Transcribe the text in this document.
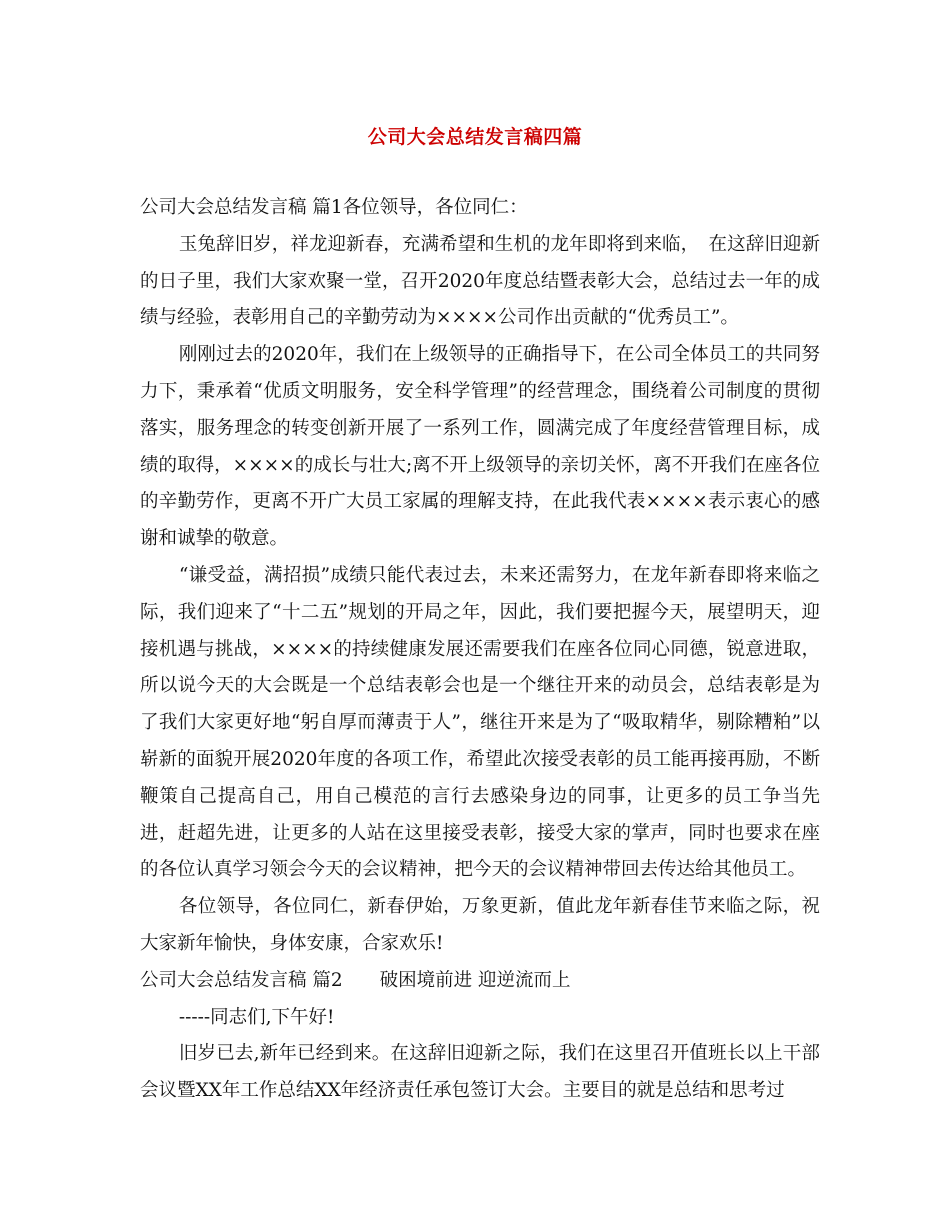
公司大会总结发言稿四篇

公司大会总结发言稿 篇1各位领导，各位同仁：

玉兔辞旧岁，祥龙迎新春，充满希望和生机的龙年即将到来临，　在这辞旧迎新的日子里，我们大家欢聚一堂，召开2020年度总结暨表彰大会，总结过去一年的成绩与经验，表彰用自己的辛勤劳动为××××公司作出贡献的“优秀员工”。

刚刚过去的2020年，我们在上级领导的正确指导下，在公司全体员工的共同努力下，秉承着“优质文明服务，安全科学管理”的经营理念，围绕着公司制度的贯彻落实，服务理念的转变创新开展了一系列工作，圆满完成了年度经营管理目标，成绩的取得，××××的成长与壮大;离不开上级领导的亲切关怀，离不开我们在座各位的辛勤劳作，更离不开广大员工家属的理解支持，在此我代表××××表示衷心的感谢和诚挚的敬意。

“谦受益，满招损”成绩只能代表过去，未来还需努力，在龙年新春即将来临之际，我们迎来了“十二五”规划的开局之年，因此，我们要把握今天，展望明天，迎接机遇与挑战，××××的持续健康发展还需要我们在座各位同心同德，锐意进取，所以说今天的大会既是一个总结表彰会也是一个继往开来的动员会，总结表彰是为了我们大家更好地“躬自厚而薄责于人”，继往开来是为了“吸取精华，剔除糟粕”以崭新的面貌开展2020年度的各项工作，希望此次接受表彰的员工能再接再励，不断鞭策自己提高自己，用自己模范的言行去感染身边的同事，让更多的员工争当先进，赶超先进，让更多的人站在这里接受表彰，接受大家的掌声，同时也要求在座的各位认真学习领会今天的会议精神，把今天的会议精神带回去传达给其他员工。

各位领导，各位同仁，新春伊始，万象更新，值此龙年新春佳节来临之际，祝大家新年愉快，身体安康，合家欢乐!

公司大会总结发言稿 篇2　　破困境前进 迎逆流而上

-----同志们,下午好!

旧岁已去,新年已经到来。在这辞旧迎新之际，我们在这里召开值班长以上干部会议暨XX年工作总结XX年经济责任承包签订大会。主要目的就是总结和思考过
